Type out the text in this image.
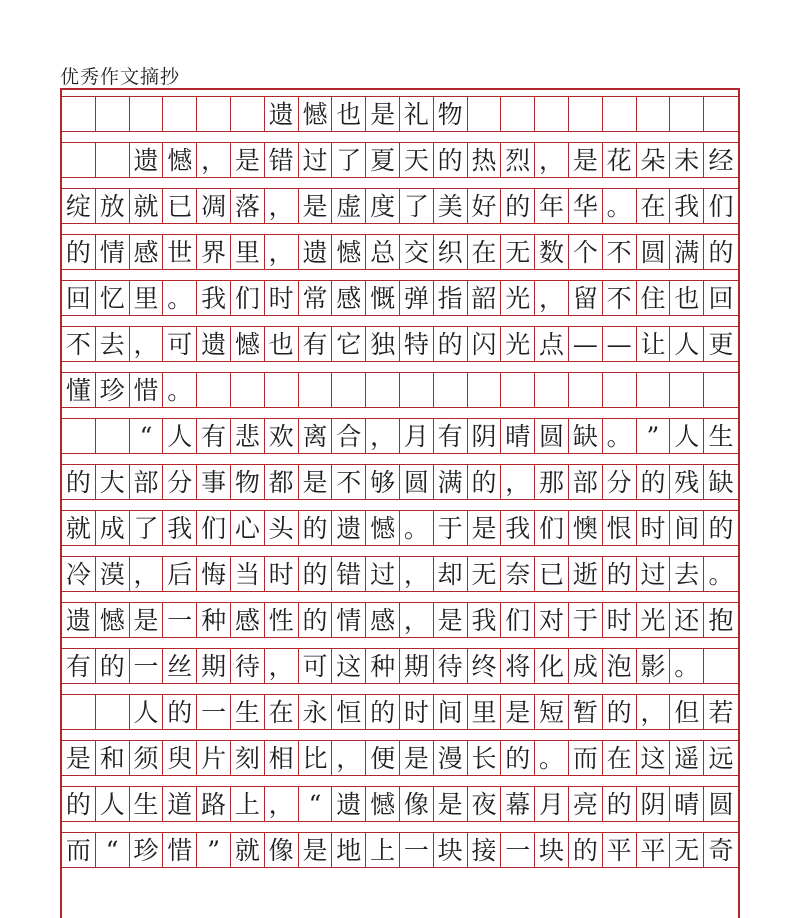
优秀作文摘抄
遗 憾 也 是 礼 物
遗 憾 ， 是 错 过 了 夏 天 的 热 烈 ， 是 花 朵 未 经
绽 放 就 已 凋 落 ， 是 虚 度 了 美 好 的 年 华 。 在 我 们
的 情 感 世 界 里 ， 遗 憾 总 交 织 在 无 数 个 不 圆 满 的
回 忆 里 。 我 们 时 常 感 慨 弹 指 韶 光 ， 留 不 住 也 回
不 去 ， 可 遗 憾 也 有 它 独 特 的 闪 光 点 — — 让 人 更
懂 珍 惜 。
“ 人 有 悲 欢 离 合 ， 月 有 阴 晴 圆 缺 。 ” 人 生
的 大 部 分 事 物 都 是 不 够 圆 满 的 ， 那 部 分 的 残 缺
就 成 了 我 们 心 头 的 遗 憾 。 于 是 我 们 懊 恨 时 间 的
冷 漠 ， 后 悔 当 时 的 错 过 ， 却 无 奈 已 逝 的 过 去 。
遗 憾 是 一 种 感 性 的 情 感 ， 是 我 们 对 于 时 光 还 抱
有 的 一 丝 期 待 ， 可 这 种 期 待 终 将 化 成 泡 影 。
人 的 一 生 在 永 恒 的 时 间 里 是 短 暂 的 ， 但 若
是 和 须 臾 片 刻 相 比 ， 便 是 漫 长 的 。 而 在 这 遥 远
的 人 生 道 路 上 ， “ 遗 憾 像 是 夜 幕 月 亮 的 阴 晴 圆
而 “ 珍 惜 ” 就 像 是 地 上 一 块 接 一 块 的 平 平 无 奇
